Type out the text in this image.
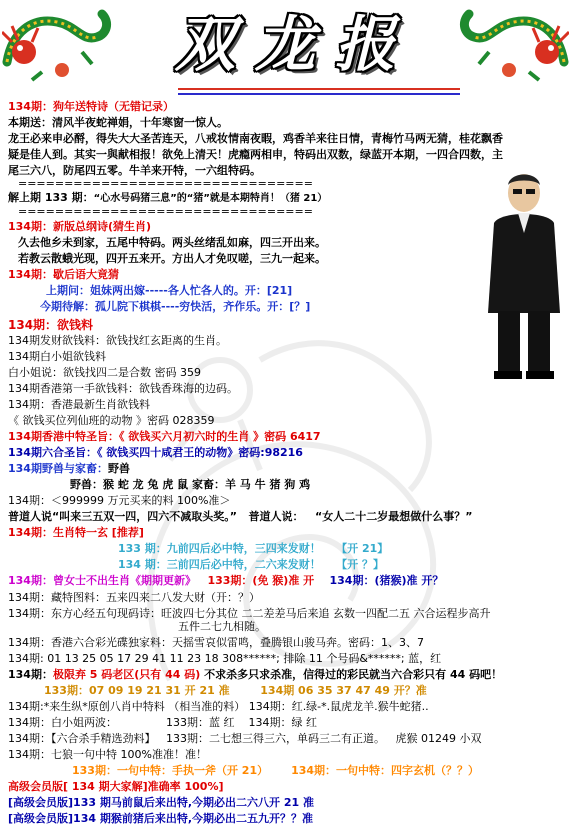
双龙报
134期：狗年送特诗（无错记录）
本期送：清风半夜蛇禅娟，十年寒窗一惊人。
龙王必来申必酹，得失大大圣苦连天，八戒妆情南夜暇，鸡香羊来往日情，青梅竹马两无猜，桂花飘香
疑是佳人到。其实一與献相报！欲免上清天！虎瘾两相申，特码出双数，绿蓝开本期，一四合四数，主
尾三六八，防尾四五零。牛羊来开特，一六组特码。
================================
解上期 133 期：“心水号码猪三息”的“猪”就是本期特肖！（猪 21）
================================
134期：新版总纲诗(猜生肖)
久去他乡未到家，五尾中特码。两头丝绪乱如麻，四三开出来。
若教云散蛾光现，四开五来开。方出人才免叹嗟，三九一起来。
134期：歇后语大竟猜
上期问：姐妹两出嫁-----各人忙各人的。开：[21]
今期待解：孤儿院下棋棋----穷快活，齐作乐。开：[？]
134期：欲钱料
134期发财欲钱料：欲钱找红玄距离的生肖。
134期白小姐欲钱料
白小姐说：欲钱找四二是合数 密码 359
134期香港第一手欲钱料：欲钱香珠海的边码。
134期：香港最新生肖欲钱料
《 欲钱买位列仙班的动物 》密码 028359
134期香港中特圣旨：《 欲钱买六月初六时的生肖 》密码 6417
134期六合圣旨：《 欲钱买四十咸君王的动物》密码:98216
134期野兽与家畜：野兽
野兽：猴 蛇 龙 兔 虎 鼠 家畜：羊 马 牛 猪 狗 鸡
134期：＜999999 万元买来的料 100%准＞
普道人说“叫来三五双一四，四六不减取头奖。” 普道人说： “女人二十二岁最想做什么事？”
134期：生肖特一玄 [推荐]
133 期：九前四后必中特，三四来发财！ 【开 21】
134 期：三前四后必中特，二六来发财！ 【开 ？】
134期：曾女士不出生肖《期期更新》 133期：(免 猴)准 开 134期：(猪猴)准 开？
134期：藏特图料：五来四来二八发大财（开：？）
134期：东方心经五句现码诗：旺波四七分其位 二二差差马后来追 玄数一四配二五 六合运程步高升
五件二七九相随。
134期：香港六合彩光碟独家料：天摇雪哀似雷鸣，叠腾银山骏马奔。密码：1、3、7
134期: 01 13 25 05 17 29 41 11 23 18 308******; 排除 11 个号码&******; 蓝，红
134期：极限弃 5 码老区(只有 44 码) 不求杀多只求杀准，信得过的彩民就当六合彩只有 44 码吧！
133期：07 09 19 21 31 开 21 准	134期 06 35 37 47 49 开？准
134期:*来生纵*原创八肖中特料 （相当准的料） 134期：红.绿-*.鼠虎龙羊.猴牛蛇猪..
134期：白小姐两波：	133期：蓝 红 134期：绿 红
134期：【六合杀手精选劲料】 133期：二七想三得三六，单码三二有正道。 虎猴 01249 小双
134期：七狼一句中特 100%准准！准！
133期：一句中特：手执一斧（开 21） 134期：一句中特：四字玄机（？？）
高级会员版[ 134 期大家解]准确率 100%]
[高级会员版]133 期马前鼠后来出特,今期必出二六八开 21 准
[高级会员版]134 期猴前猪后来出特,今期必出二五九开？？准
